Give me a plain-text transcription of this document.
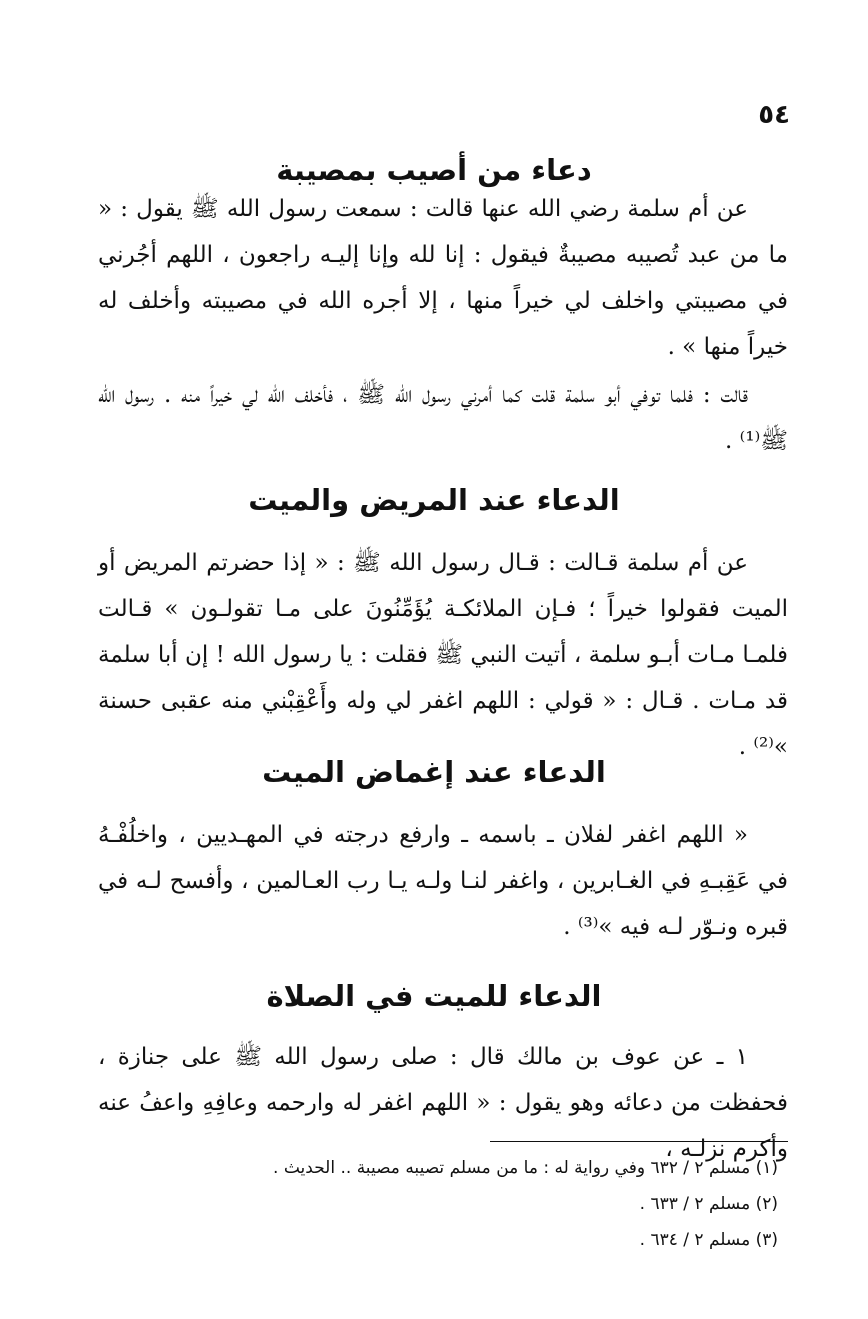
٥٤
دعاء من أصيب بمصيبة

عن أم سلمة رضي الله عنها قالت : سمعت رسول الله ﷺ يقول : « ما من عبد تُصيبه مصيبةٌ فيقول : إنا لله وإنا إليـه راجعون ، اللهم أجُرني في مصيبتي واخلف لي خيراً منها ، إلا أجره الله في مصيبته وأخلف له خيراً منها » .

قالت : فلما توفي أبو سلمة قلت كما أمرني رسول الله ﷺ ، فأخلف الله لي خيراً منه . رسول الله ﷺ⁽¹⁾ .

الدعاء عند المريض والميت

عن أم سلمة قـالت : قـال رسول الله ﷺ : « إذا حضرتم المريض أو الميت فقولوا خيراً ؛ فـإن الملائكـة يُؤَمِّنُونَ على مـا تقولـون » قـالت فلمـا مـات أبـو سلمة ، أتيت النبي ﷺ فقلت : يا رسول الله ! إن أبا سلمة قد مـات . قـال : « قولي : اللهم اغفر لي وله وأَعْقِبْني منه عقبى حسنة »⁽²⁾ .

الدعاء عند إغماض الميت

« اللهم اغفر لفلان ـ باسمه ـ وارفع درجته في المهـديين ، واخلُفْـهُ في عَقِبـهِ في الغـابرين ، واغفر لنـا ولـه يـا رب العـالمين ، وأفسح لـه في قبره ونـوّر لـه فيه »⁽³⁾ .

الدعاء للميت في الصلاة

١ ـ عن عوف بن مالك قال : صلى رسول الله ﷺ على جنازة ، فحفظت من دعائه وهو يقول : « اللهم اغفر له وارحمه وعافِهِ واعفُ عنه وأكرم نزلـه ،

(١) مسلم ٢ / ٦٣٢ وفي رواية له : ما من مسلم تصيبه مصيبة .. الحديث .
(٢) مسلم ٢ / ٦٣٣ .
(٣) مسلم ٢ / ٦٣٤ .
